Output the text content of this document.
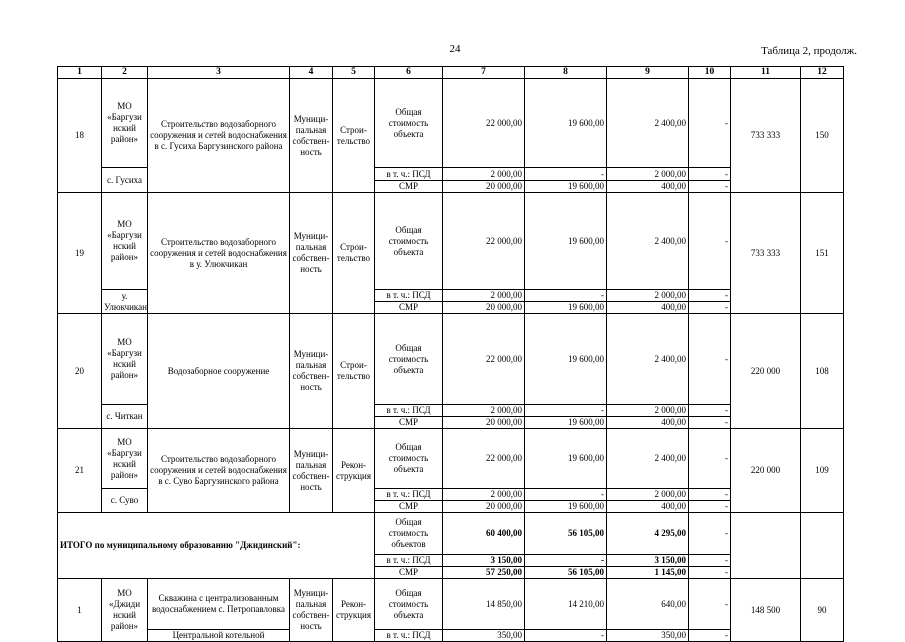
24	Таблица 2, продолж.
1	2	3	4	5	6	7	8	9	10	11	12
18	МО «Баргузи нский район»	Строительство водозаборного сооружения и сетей водоснабжения в с. Гусиха Баргузинского района	Муници-пальная собствен-ность	Строи-тельство	Общая стоимость объекта	22 000,00	19 600,00	2 400,00	-	733 333	150

	с. Гусиха				в т. ч.: ПСД	2 000,00	-	2 000,00	-		
					СМР	20 000,00	19 600,00	400,00	-		
19	МО «Баргузи нский район»	Строительство водозаборного сооружения и сетей водоснабжения в у. Улюкчикан	Муници-пальная собствен-ность	Строи-тельство	Общая стоимость объекта	22 000,00	19 600,00	2 400,00	-	733 333	151

	у. Улюкчикан				в т. ч.: ПСД	2 000,00	-	2 000,00	-		
					СМР	20 000,00	19 600,00	400,00	-		
20	МО «Баргузи нский район»	Водозаборное сооружение	Муници-пальная собствен-ность	Строи-тельство	Общая стоимость объекта	22 000,00	19 600,00	2 400,00	-	220 000	108

	с. Читкан				в т. ч.: ПСД	2 000,00	-	2 000,00	-		
					СМР	20 000,00	19 600,00	400,00	-		
21	МО «Баргузи нский район»	Строительство водозаборного сооружения и сетей водоснабжения в с. Суво Баргузинского района	Муници-пальная собствен-ность	Рекон-струкция	Общая стоимость объекта	22 000,00	19 600,00	2 400,00	-	220 000	109

	с. Суво				в т. ч.: ПСД	2 000,00	-	2 000,00	-		
					СМР	20 000,00	19 600,00	400,00	-		
ИТОГО по муниципальному образованию "Джидинский":					Общая стоимость объектов	60 400,00	56 105,00	4 295,00	-		
					в т. ч.: ПСД	3 150,00	-	3 150,00	-		
					СМР	57 250,00	56 105,00	1 145,00	-		
1	МО «Джиди нский район»	Скважина с централизованным водоснабжением с. Петропавловка	Муници-пальная собствен-ность	Рекон-струкция	Общая стоимость объекта	14 850,00	14 210,00	640,00	-	148 500	90
		Центральной котельной			в т. ч.: ПСД	350,00	-	350,00	-		
